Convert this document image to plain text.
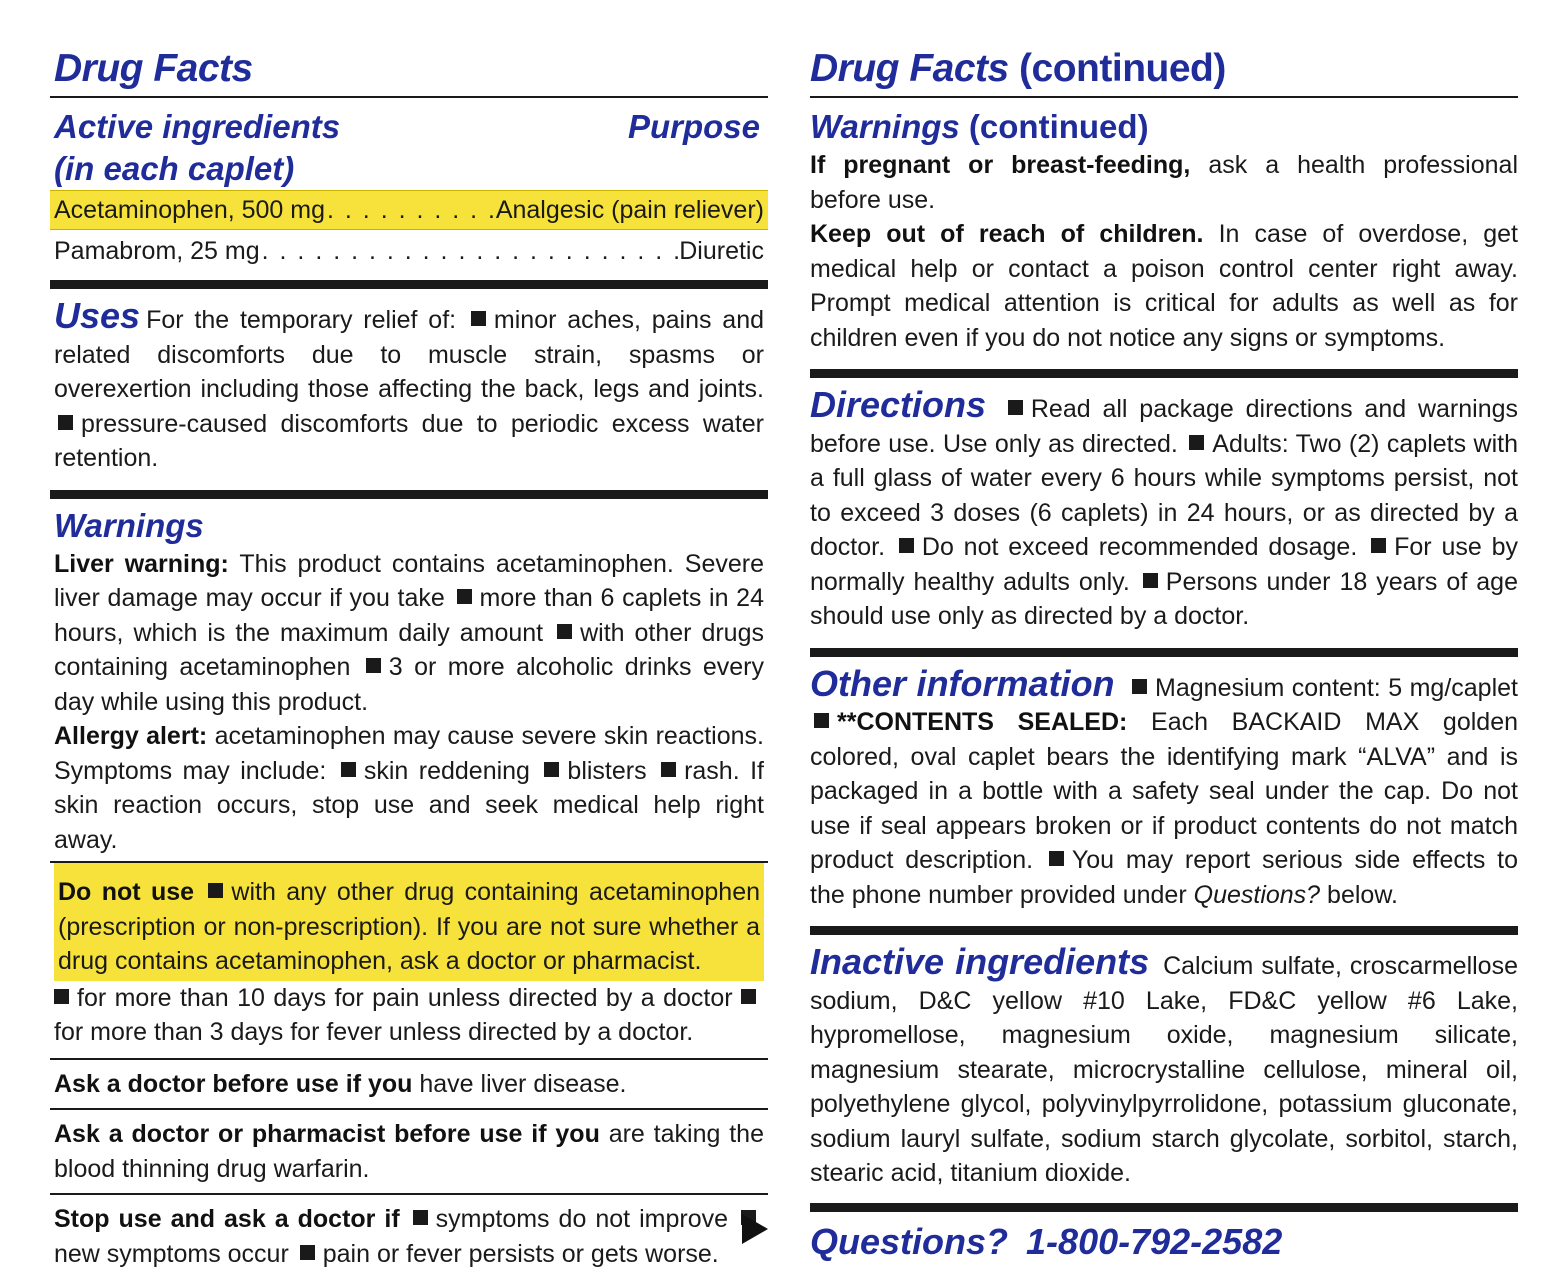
Drug Facts
Active ingredients
(in each caplet)
Purpose
Acetaminophen, 500 mg . . .	Analgesic (pain reliever)
Pamabrom, 25 mg . . .	Diuretic

Uses For the temporary relief of: minor aches, pains and related discomforts due to muscle strain, spasms or overexertion including those affecting the back, legs and joints. pressure-caused discomforts due to periodic excess water retention.

Warnings

Liver warning: This product contains acetaminophen. Severe liver damage may occur if you take more than 6 caplets in 24 hours, which is the maximum daily amount with other drugs containing acetaminophen 3 or more alcoholic drinks every day while using this product.

Allergy alert: acetaminophen may cause severe skin reactions. Symptoms may include: skin reddening blisters rash. If skin reaction occurs, stop use and seek medical help right away.

Do not use with any other drug containing acetaminophen (prescription or non-prescription). If you are not sure whether a drug contains acetaminophen, ask a doctor or pharmacist.

for more than 10 days for pain unless directed by a doctor for more than 3 days for fever unless directed by a doctor.

Ask a doctor before use if you have liver disease.

Ask a doctor or pharmacist before use if you are taking the blood thinning drug warfarin.

Stop use and ask a doctor if symptoms do not improve new symptoms occur pain or fever persists or gets worse.

Drug Facts (continued)
Warnings (continued)

If pregnant or breast-feeding, ask a health professional before use.

Keep out of reach of children. In case of overdose, get medical help or contact a poison control center right away. Prompt medical attention is critical for adults as well as for children even if you do not notice any signs or symptoms.

Directions Read all package directions and warnings before use. Use only as directed. Adults: Two (2) caplets with a full glass of water every 6 hours while symptoms persist, not to exceed 3 doses (6 caplets) in 24 hours, or as directed by a doctor. Do not exceed recommended dosage. For use by normally healthy adults only. Persons under 18 years of age should use only as directed by a doctor.

Other information Magnesium content: 5 mg/caplet **CONTENTS SEALED: Each BACKAID MAX golden colored, oval caplet bears the identifying mark “ALVA” and is packaged in a bottle with a safety seal under the cap. Do not use if seal appears broken or if product contents do not match product description. You may report serious side effects to the phone number provided under Questions? below.

Inactive ingredients Calcium sulfate, croscarmellose sodium, D&C yellow #10 Lake, FD&C yellow #6 Lake, hypromellose, magnesium oxide, magnesium silicate, magnesium stearate, microcrystalline cellulose, mineral oil, polyethylene glycol, polyvinylpyrrolidone, potassium gluconate, sodium lauryl sulfate, sodium starch glycolate, sorbitol, starch, stearic acid, titanium dioxide.

Questions? 1-800-792-2582
